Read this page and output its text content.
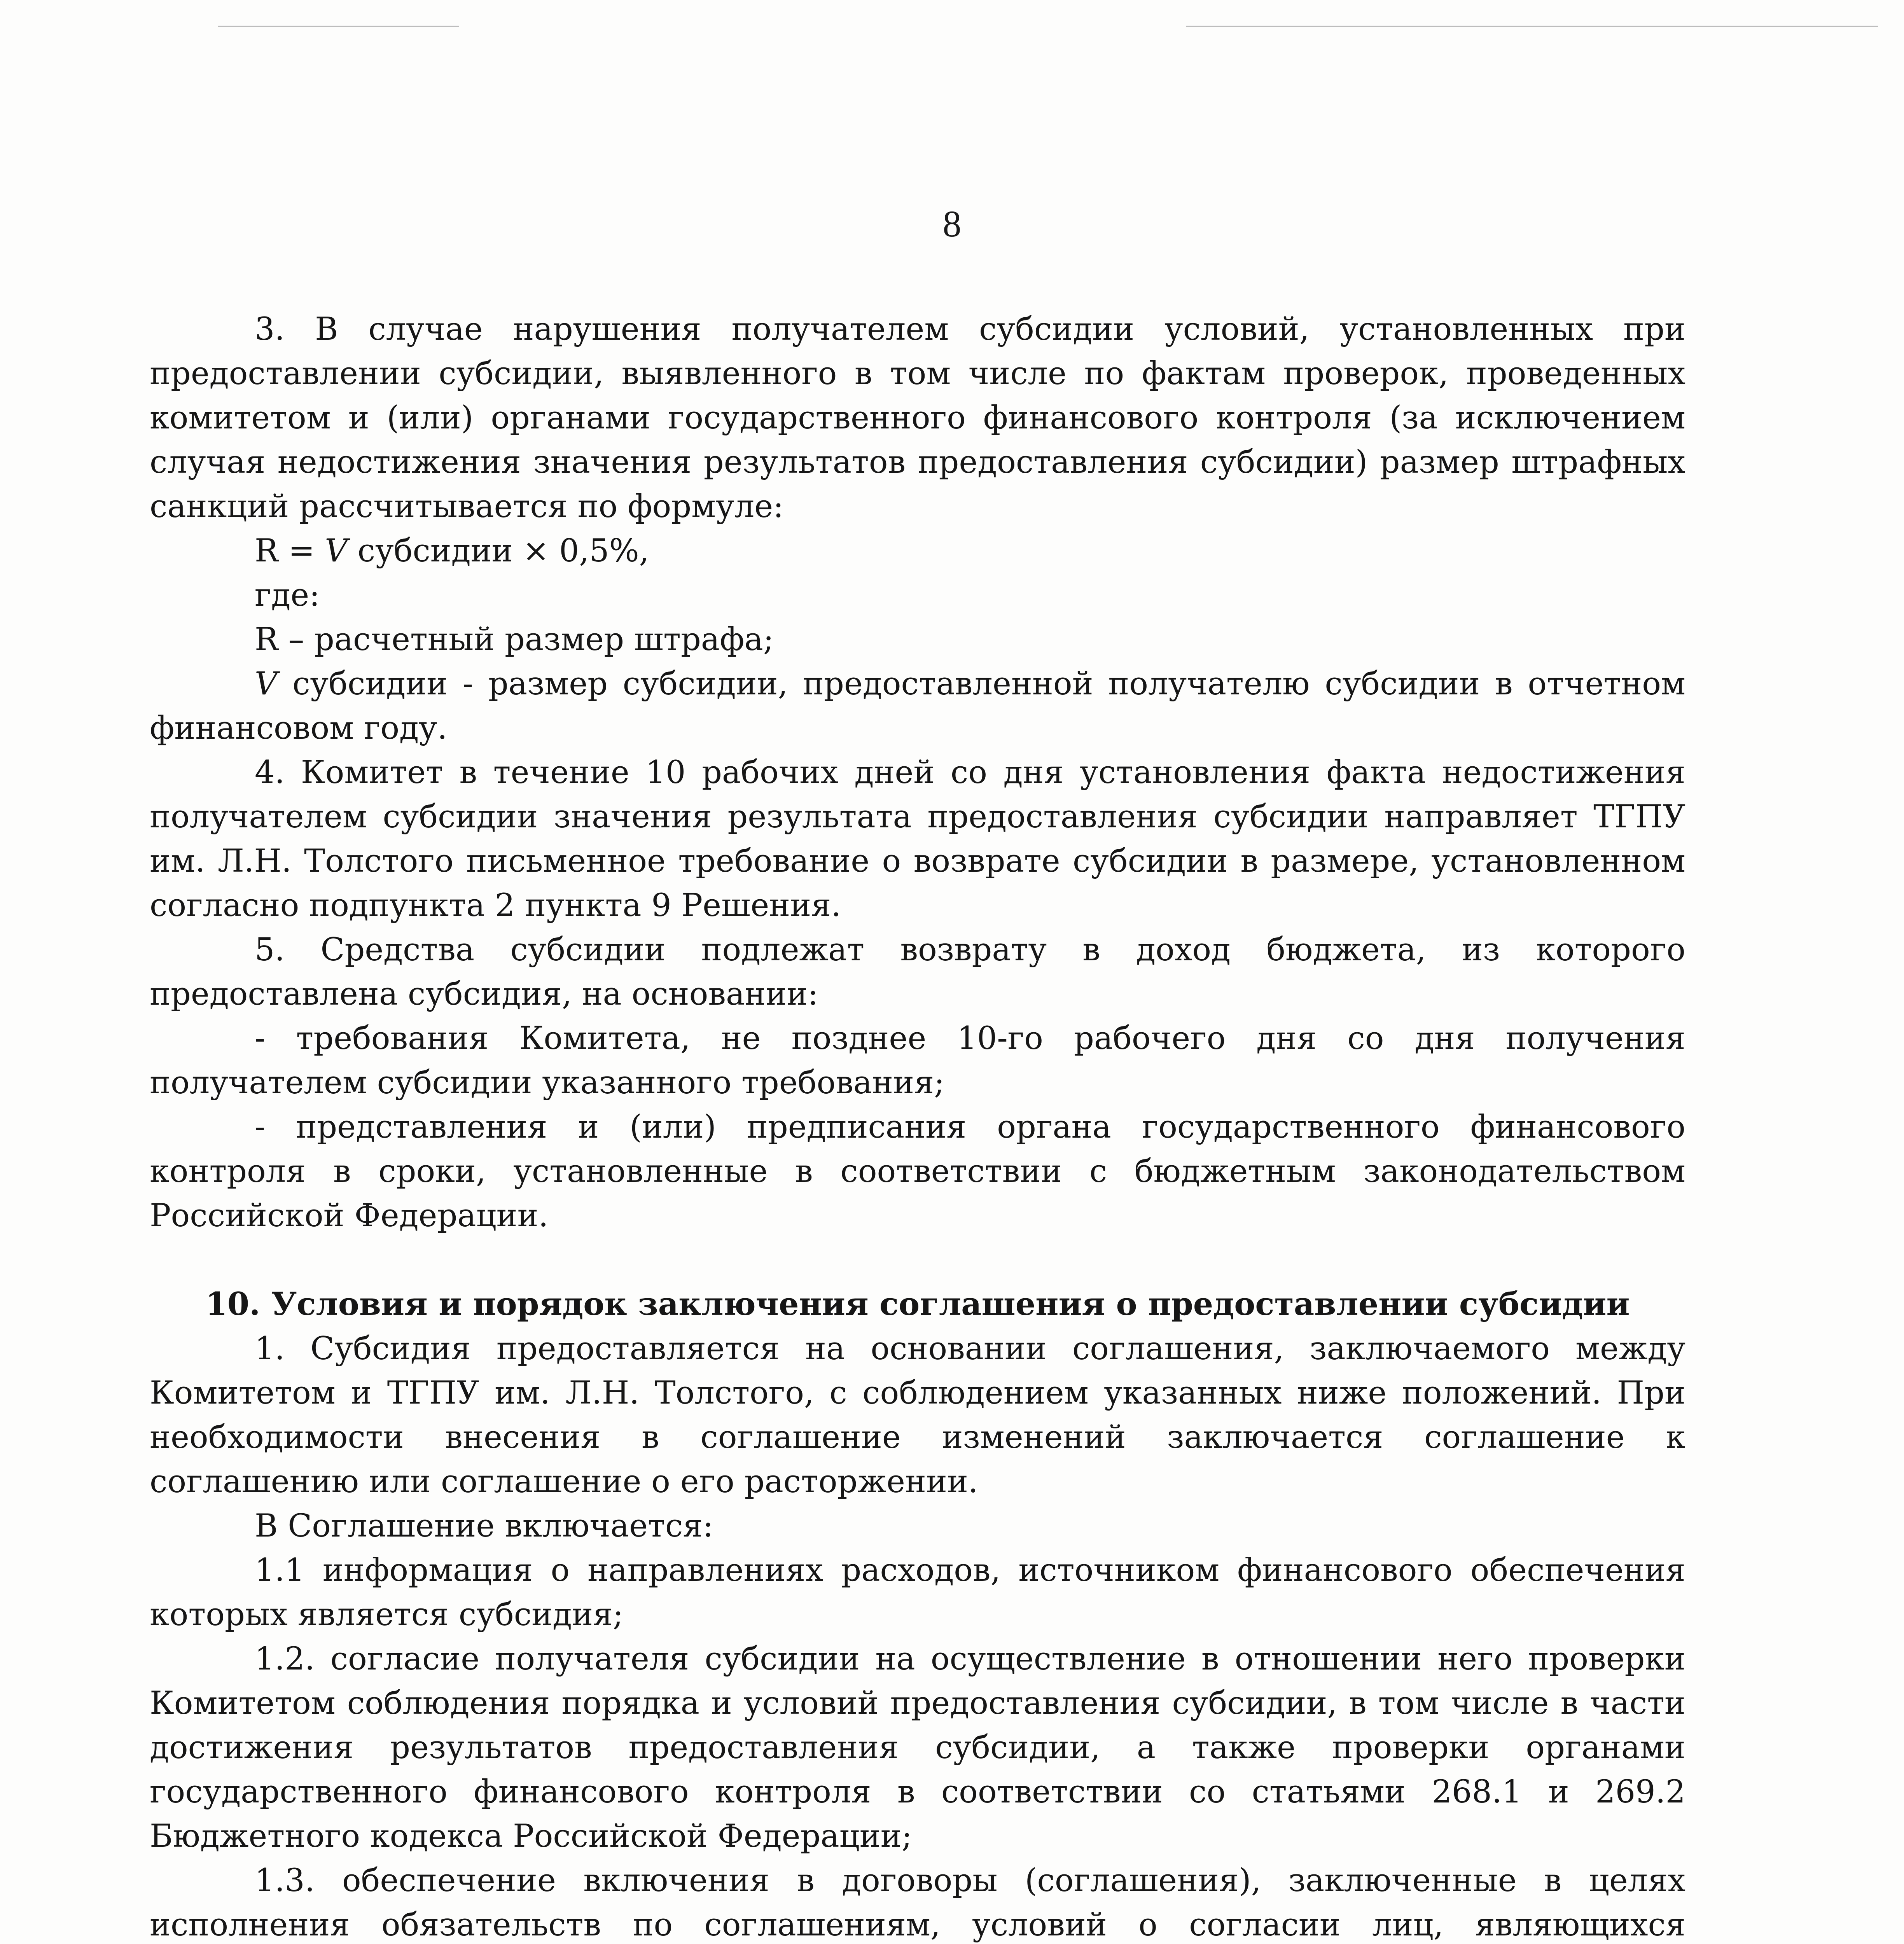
8

3. В случае нарушения получателем субсидии условий, установленных при предоставлении субсидии, выявленного в том числе по фактам проверок, проведенных комитетом и (или) органами государственного финансового контроля (за исключением случая недостижения значения результатов предоставления субсидии) размер штрафных санкций рассчитывается по формуле:

R = V субсидии × 0,5%,

где:

R – расчетный размер штрафа;

V субсидии - размер субсидии, предоставленной получателю субсидии в отчетном финансовом году.

4. Комитет в течение 10 рабочих дней со дня установления факта недостижения получателем субсидии значения результата предоставления субсидии направляет ТГПУ им. Л.Н. Толстого письменное требование о возврате субсидии в размере, установленном согласно подпункта 2 пункта 9 Решения.

5. Средства субсидии подлежат возврату в доход бюджета, из которого предоставлена субсидия, на основании:

- требования Комитета, не позднее 10-го рабочего дня со дня получения получателем субсидии указанного требования;

- представления и (или) предписания органа государственного финансового контроля в сроки, установленные в соответствии с бюджетным законодательством Российской Федерации.

10. Условия и порядок заключения соглашения о предоставлении субсидии

1. Субсидия предоставляется на основании соглашения, заключаемого между Комитетом и ТГПУ им. Л.Н. Толстого, с соблюдением указанных ниже положений. При необходимости внесения в соглашение изменений заключается соглашение к соглашению или соглашение о его расторжении.

В Соглашение включается:

1.1 информация о направлениях расходов, источником финансового обеспечения которых является субсидия;

1.2. согласие получателя субсидии на осуществление в отношении него проверки Комитетом соблюдения порядка и условий предоставления субсидии, в том числе в части достижения результатов предоставления субсидии, а также проверки органами государственного финансового контроля в соответствии со статьями 268.1 и 269.2 Бюджетного кодекса Российской Федерации;

1.3. обеспечение включения в договоры (соглашения), заключенные в целях исполнения обязательств по соглашениям, условий о согласии лиц, являющихся
